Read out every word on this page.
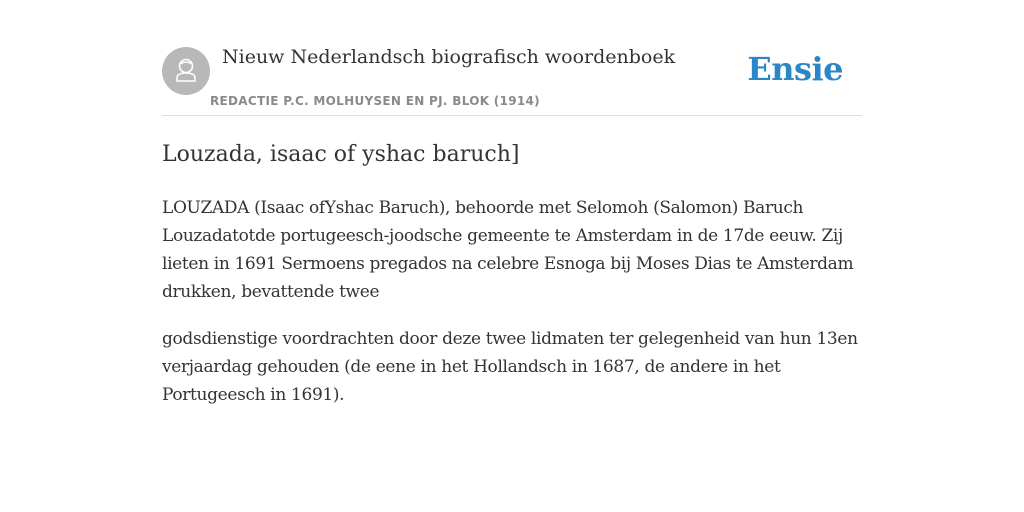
Nieuw Nederlandsch biografisch woordenboek
REDACTIE P.C. MOLHUYSEN EN PJ. BLOK (1914)
Ensie
Louzada, isaac of yshac baruch]

LOUZADA (Isaac ofYshac Baruch), behoorde met Selomoh (Salomon) Baruch Louzadatotde portugeesch-joodsche gemeente te Amsterdam in de 17de eeuw. Zij lieten in 1691 Sermoens pregados na celebre Esnoga bij Moses Dias te Amsterdam drukken, bevattende twee

godsdienstige voordrachten door deze twee lidmaten ter gelegenheid van hun 13en verjaardag gehouden (de eene in het Hollandsch in 1687, de andere in het Portugeesch in 1691).
